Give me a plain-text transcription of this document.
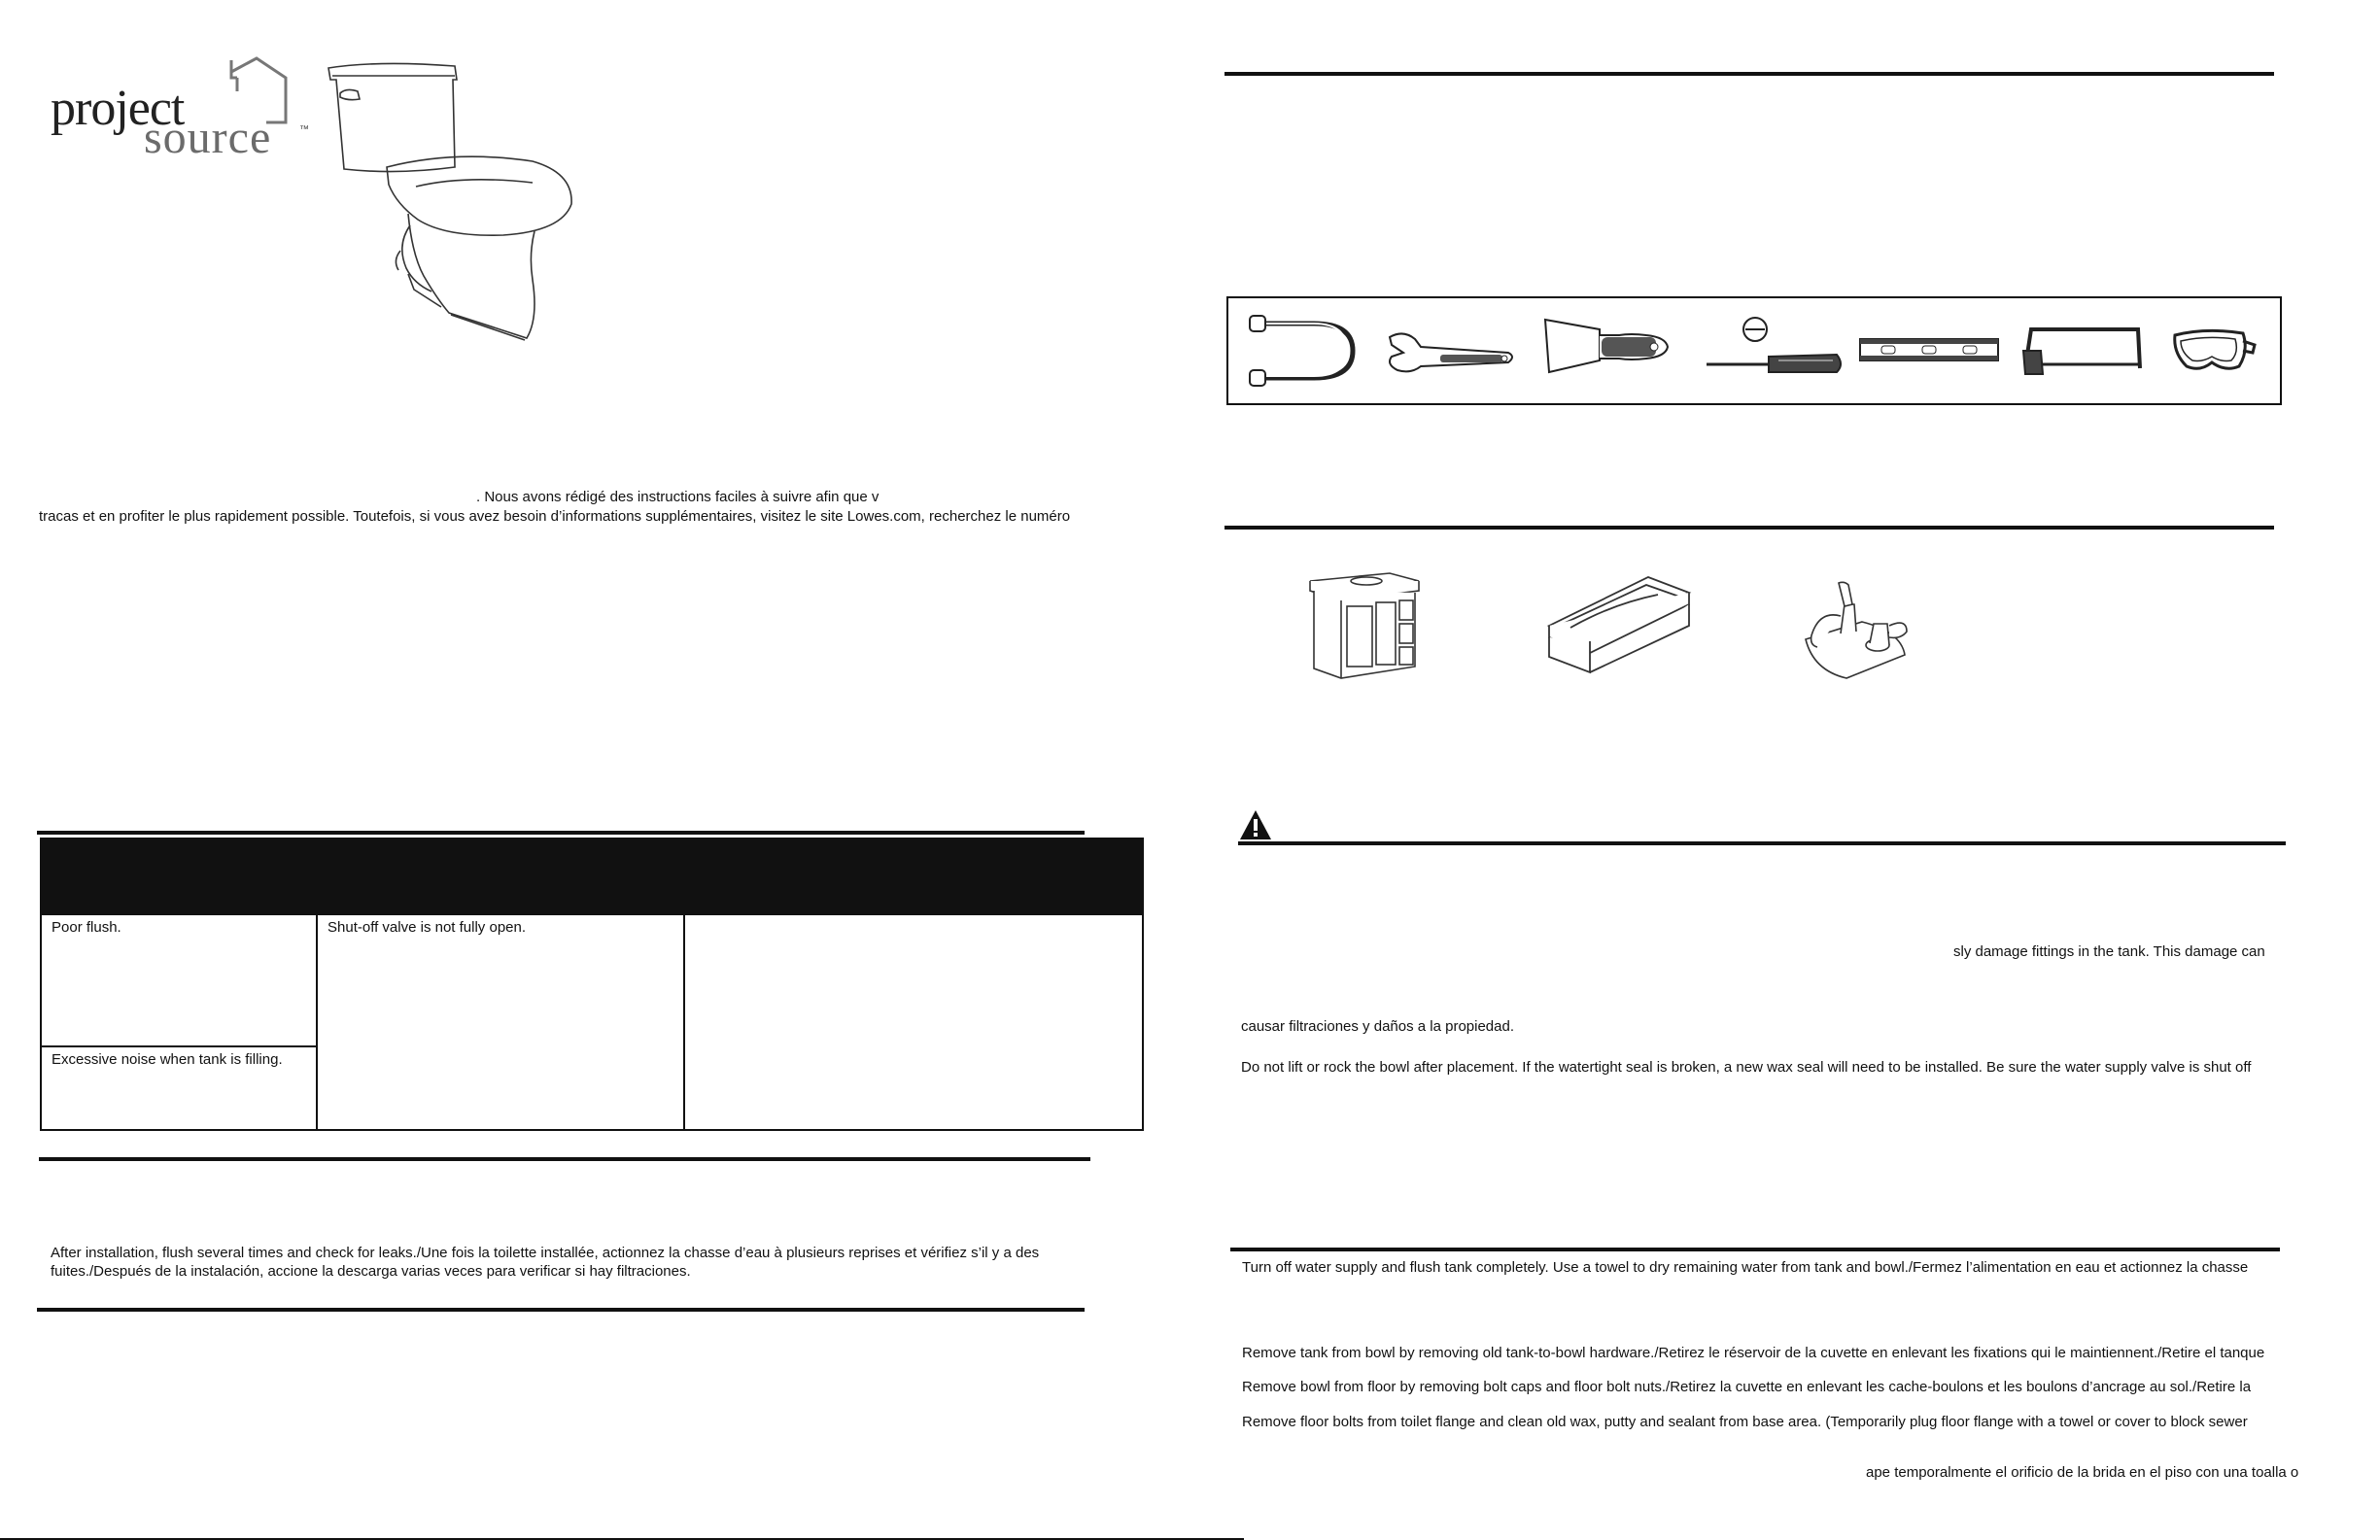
project
source	™
. Nous avons rédigé des instructions faciles à suivre afin que v
tracas et en profiter le plus rapidement possible. Toutefois, si vous avez besoin d’informations supplémentaires, visitez le site Lowes.com, recherchez le numéro
Poor flush.	Shut-off valve is not fully open.	
Excessive noise when tank is filling.
After installation, flush several times and check for leaks./Une fois la toilette installée, actionnez la chasse d’eau à plusieurs reprises et vérifiez s’il y a des
fuites./Después de la instalación, accione la descarga varias veces para verificar si hay filtraciones.
sly damage fittings in the tank. This damage can
causar filtraciones y daños a la propiedad.
Do not lift or rock the bowl after placement. If the watertight seal is broken, a new wax seal will need to be installed. Be sure the water supply valve is shut off
Turn off water supply and flush tank completely. Use a towel to dry remaining water from tank and bowl./Fermez l’alimentation en eau et actionnez la chasse
Remove tank from bowl by removing old tank-to-bowl hardware./Retirez le réservoir de la cuvette en enlevant les fixations qui le maintiennent./Retire el tanque
Remove bowl from floor by removing bolt caps and floor bolt nuts./Retirez la cuvette en enlevant les cache-boulons et les boulons d’ancrage au sol./Retire la
Remove floor bolts from toilet flange and clean old wax, putty and sealant from base area. (Temporarily plug floor flange with a towel or cover to block sewer
ape temporalmente el orificio de la brida en el piso con una toalla o
